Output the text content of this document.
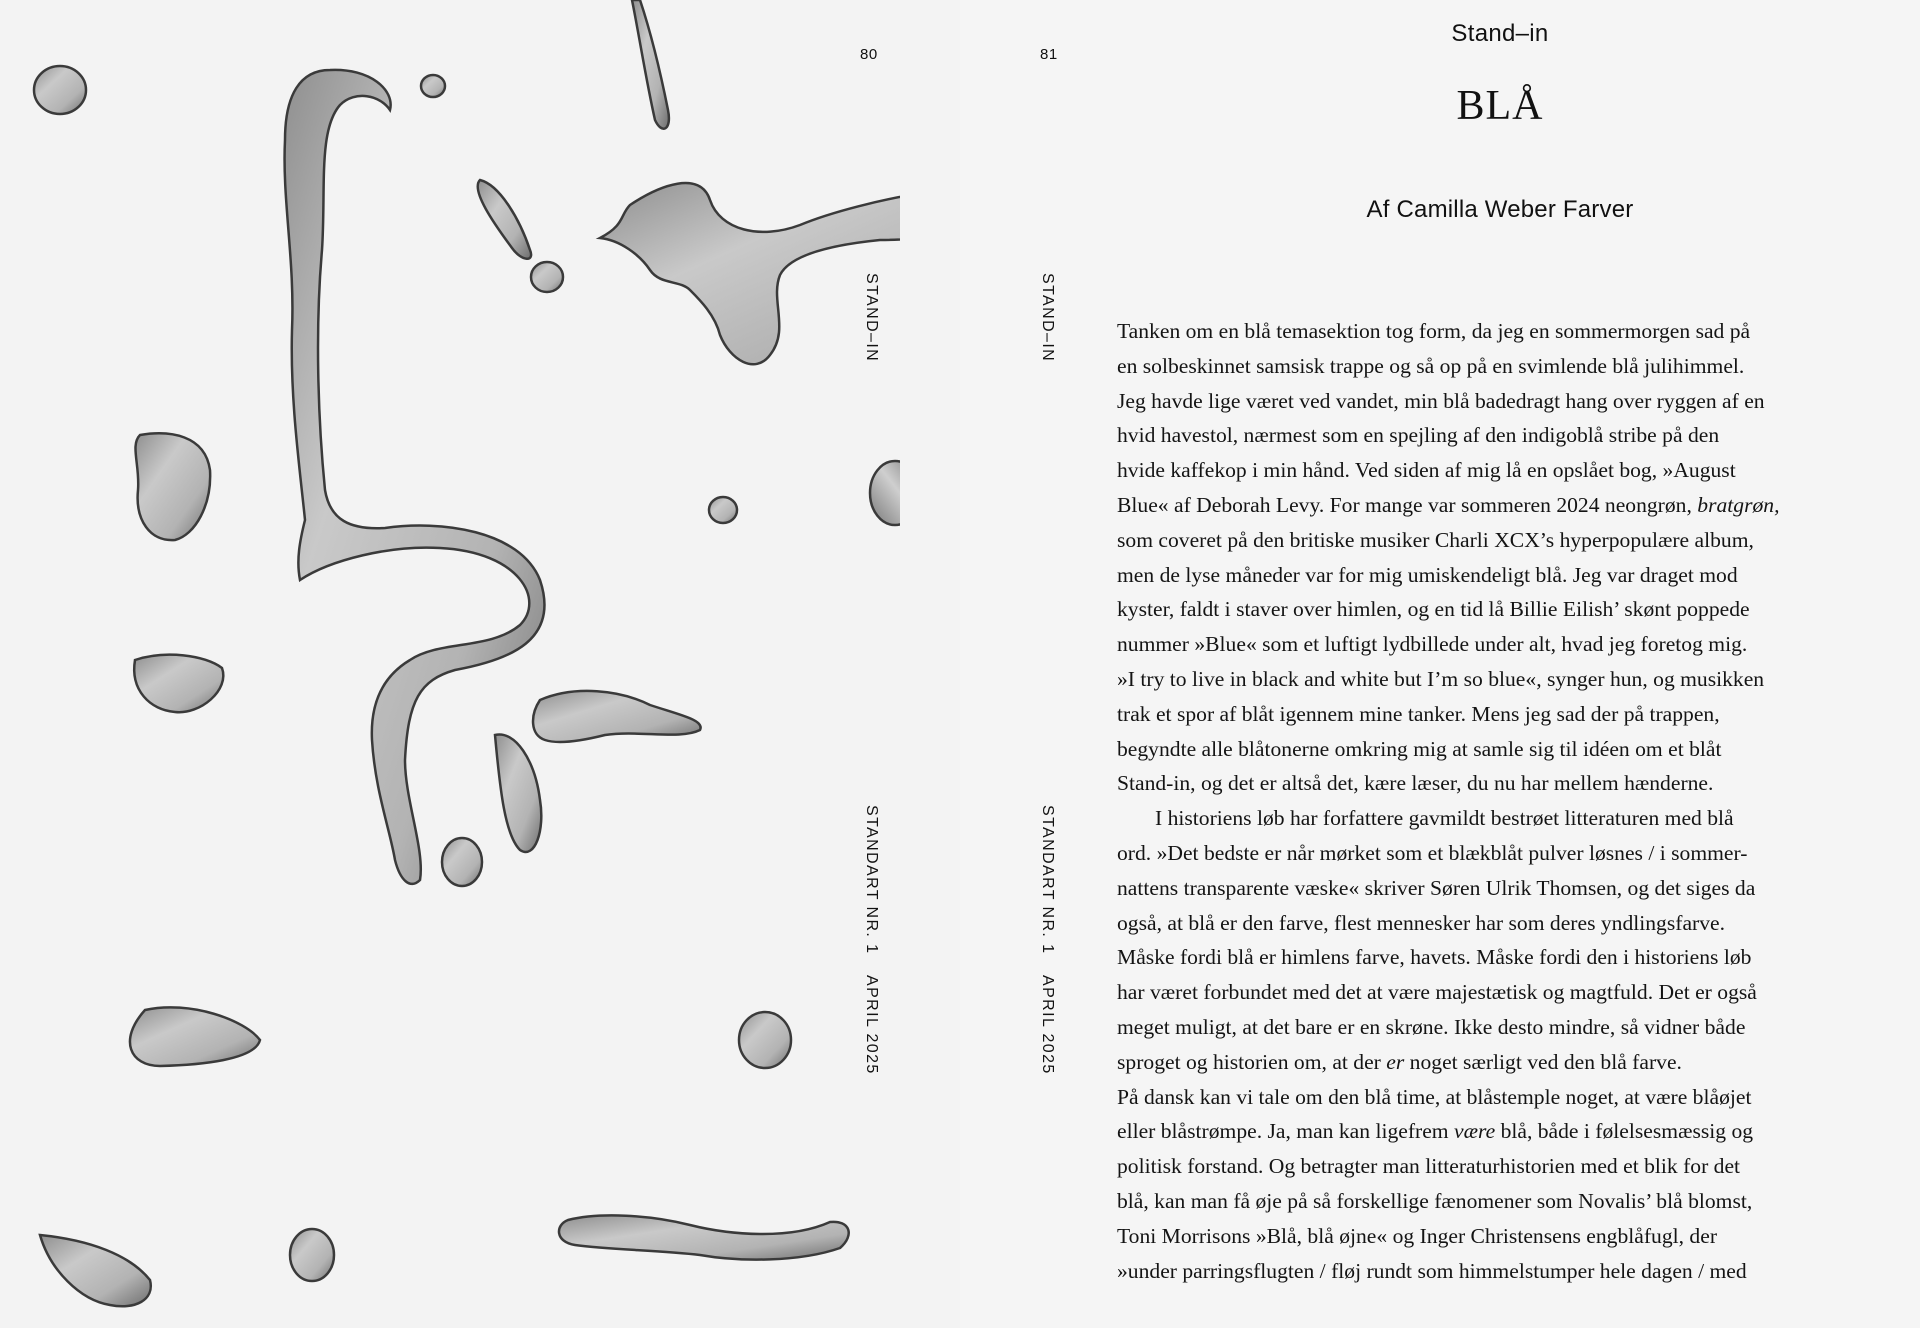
80
STAND–IN
STANDART NR. 1
APRIL 2025
81
STAND–IN
STANDART NR. 1
APRIL 2025
Stand–in
BLÅ
Af Camilla Weber Farver
Tanken om en blå temasektion tog form, da jeg en sommermorgen sad på
en solbeskinnet samsisk trappe og så op på en svimlende blå julihimmel.
Jeg havde lige været ved vandet, min blå badedragt hang over ryggen af en
hvid havestol, nærmest som en spejling af den indigoblå stribe på den
hvide kaffekop i min hånd. Ved siden af mig lå en opslået bog, »August
Blue« af Deborah Levy. For mange var sommeren 2024 neongrøn, bratgrøn,
som coveret på den britiske musiker Charli XCX’s hyperpopulære album,
men de lyse måneder var for mig umiskendeligt blå. Jeg var draget mod
kyster, faldt i staver over himlen, og en tid lå Billie Eilish’ skønt poppede
nummer »Blue« som et luftigt lydbillede under alt, hvad jeg foretog mig.
»I try to live in black and white but I’m so blue«, synger hun, og musikken
trak et spor af blåt igennem mine tanker. Mens jeg sad der på trappen,
begyndte alle blåtonerne omkring mig at samle sig til idéen om et blåt
Stand-in, og det er altså det, kære læser, du nu har mellem hænderne.
I historiens løb har forfattere gavmildt bestrøet litteraturen med blå
ord. »Det bedste er når mørket som et blækblåt pulver løsnes / i sommer-
nattens transparente væske« skriver Søren Ulrik Thomsen, og det siges da
også, at blå er den farve, flest mennesker har som deres yndlingsfarve.
Måske fordi blå er himlens farve, havets. Måske fordi den i historiens løb
har været forbundet med det at være majestætisk og magtfuld. Det er også
meget muligt, at det bare er en skrøne. Ikke desto mindre, så vidner både
sproget og historien om, at der er noget særligt ved den blå farve.
På dansk kan vi tale om den blå time, at blåstemple noget, at være blåøjet
eller blåstrømpe. Ja, man kan ligefrem være blå, både i følelsesmæssig og
politisk forstand. Og betragter man litteraturhistorien med et blik for det
blå, kan man få øje på så forskellige fænomener som Novalis’ blå blomst,
Toni Morrisons »Blå, blå øjne« og Inger Christensens engblåfugl, der
»under parringsflugten / fløj rundt som himmelstumper hele dagen / med
